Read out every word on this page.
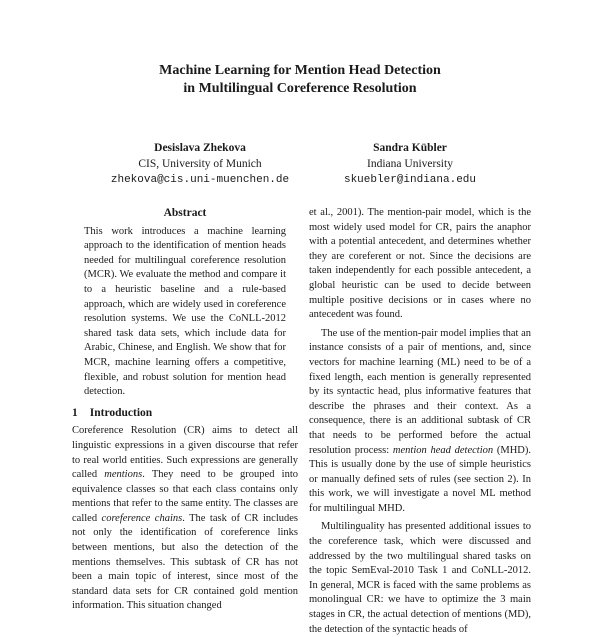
Machine Learning for Mention Head Detection
in Multilingual Coreference Resolution
Desislava Zhekova
CIS, University of Munich
zhekova@cis.uni-muenchen.de
Sandra Kübler
Indiana University
skuebler@indiana.edu
Abstract

This work introduces a machine learning approach to the identification of mention heads needed for multilingual coreference resolution (MCR). We evaluate the method and compare it to a heuristic baseline and a rule-based approach, which are widely used in coreference resolution systems. We use the CoNLL-2012 shared task data sets, which include data for Arabic, Chinese, and English. We show that for MCR, machine learning offers a competitive, flexible, and robust solution for mention head detection.

1 Introduction

Coreference Resolution (CR) aims to detect all linguistic expressions in a given discourse that refer to real world entities. Such expressions are generally called mentions. They need to be grouped into equivalence classes so that each class contains only mentions that refer to the same entity. The classes are called coreference chains. The task of CR includes not only the identification of coreference links between mentions, but also the detection of the mentions themselves. This subtask of CR has not been a main topic of interest, since most of the standard data sets for CR contained gold mention information. This situation changed

et al., 2001). The mention-pair model, which is the most widely used model for CR, pairs the anaphor with a potential antecedent, and determines whether they are coreferent or not. Since the decisions are taken independently for each possible antecedent, a global heuristic can be used to decide between multiple positive decisions or in cases where no antecedent was found.

The use of the mention-pair model implies that an instance consists of a pair of mentions, and, since vectors for machine learning (ML) need to be of a fixed length, each mention is generally represented by its syntactic head, plus informative features that describe the phrases and their context. As a consequence, there is an additional subtask of CR that needs to be performed before the actual resolution process: mention head detection (MHD). This is usually done by the use of simple heuristics or manually defined sets of rules (see section 2). In this work, we will investigate a novel ML method for multilingual MHD.

Multilinguality has presented additional issues to the coreference task, which were discussed and addressed by the two multilingual shared tasks on the topic SemEval-2010 Task 1 and CoNLL-2012. In general, MCR is faced with the same problems as monolingual CR: we have to optimize the 3 main stages in CR, the actual detection of mentions (MD), the detection of the syntactic heads of
